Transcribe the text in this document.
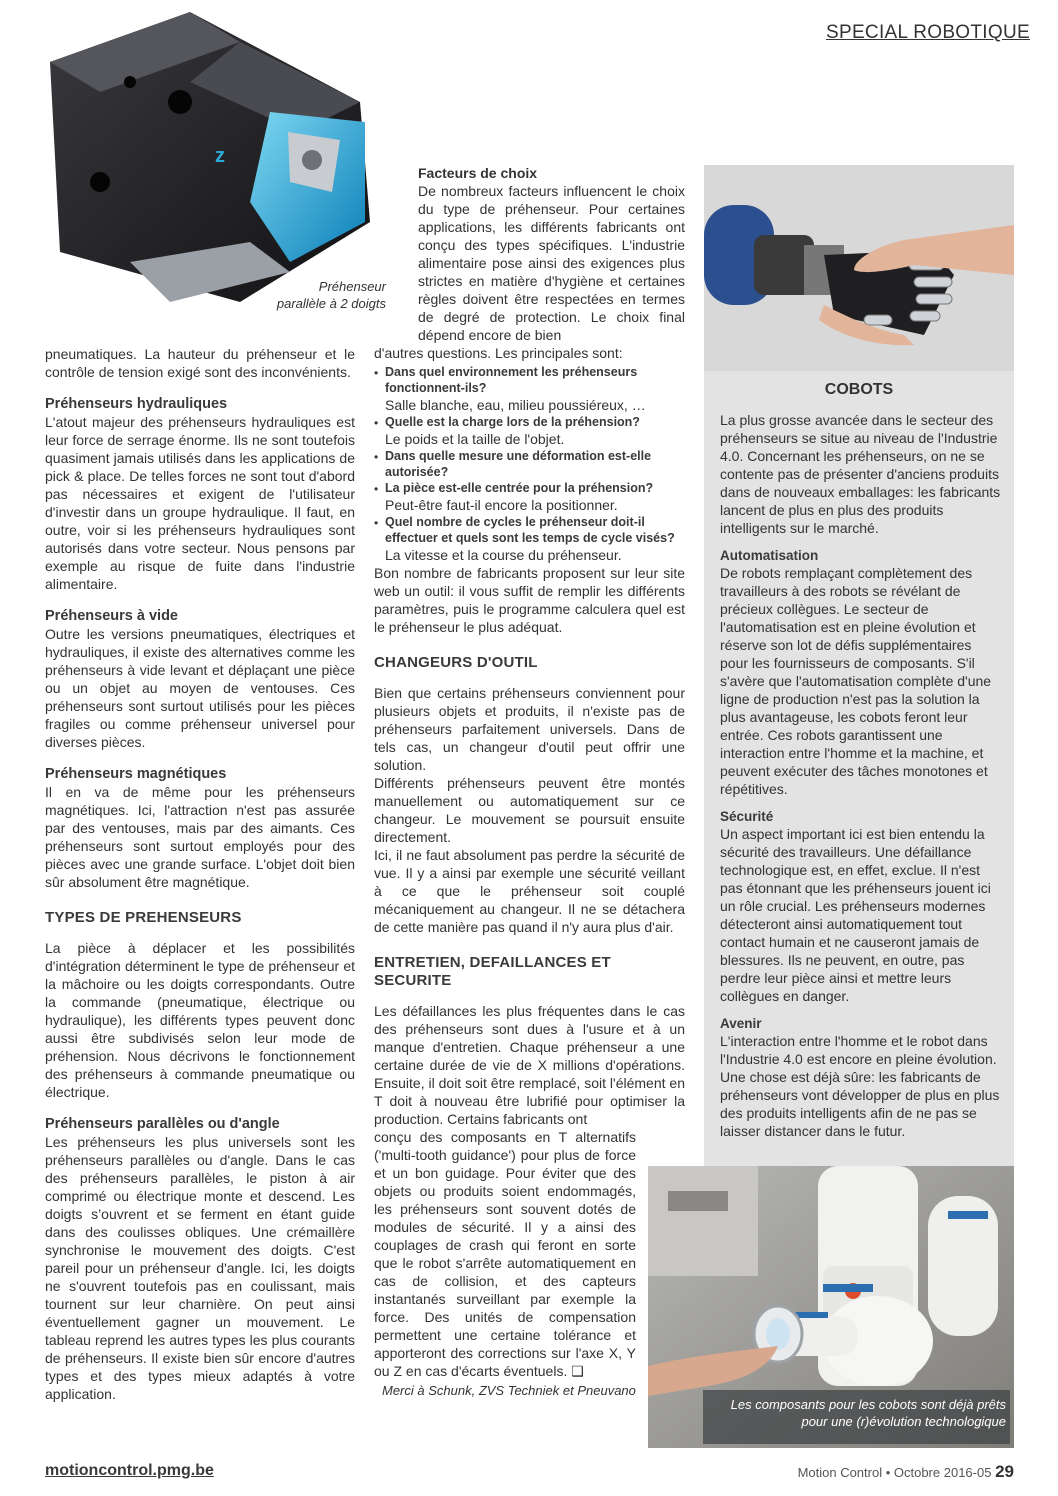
SPECIAL ROBOTIQUE
z
Préhenseur
parallèle à 2 doigts

pneumatiques. La hauteur du préhenseur et le contrôle de tension exigé sont des inconvénients.

Préhenseurs hydrauliques

L'atout majeur des préhenseurs hydrauliques est leur force de serrage énorme. Ils ne sont toutefois quasiment jamais utilisés dans les applications de pick & place. De telles forces ne sont tout d'abord pas nécessaires et exigent de l'utilisateur d'investir dans un groupe hydraulique. Il faut, en outre, voir si les préhenseurs hydrauliques sont autorisés dans votre secteur. Nous pensons par exemple au risque de fuite dans l'industrie alimentaire.

Préhenseurs à vide

Outre les versions pneumatiques, électriques et hydrauliques, il existe des alternatives comme les préhenseurs à vide levant et déplaçant une pièce ou un objet au moyen de ventouses. Ces préhenseurs sont surtout utilisés pour les pièces fragiles ou comme préhenseur universel pour diverses pièces.

Préhenseurs magnétiques

Il en va de même pour les préhenseurs magnétiques. Ici, l'attraction n'est pas assurée par des ventouses, mais par des aimants. Ces préhenseurs sont surtout employés pour des pièces avec une grande surface. L'objet doit bien sûr absolument être magnétique.

TYPES DE PREHENSEURS

La pièce à déplacer et les possibilités d'intégration déterminent le type de préhenseur et la mâchoire ou les doigts correspondants. Outre la commande (pneumatique, électrique ou hydraulique), les différents types peuvent donc aussi être subdivisés selon leur mode de préhension. Nous décrivons le fonctionnement des préhenseurs à commande pneumatique ou électrique.

Préhenseurs parallèles ou d'angle

Les préhenseurs les plus universels sont les préhenseurs parallèles ou d'angle. Dans le cas des préhenseurs parallèles, le piston à air comprimé ou électrique monte et descend. Les doigts s’ouvrent et se ferment en étant guide dans des coulisses obliques. Une crémaillère synchronise le mouvement des doigts. C'est pareil pour un préhenseur d'angle. Ici, les doigts ne s'ouvrent toutefois pas en coulissant, mais tournent sur leur charnière. On peut ainsi éventuellement gagner un mouvement. Le tableau reprend les autres types les plus courants de préhenseurs. Il existe bien sûr encore d'autres types et des types mieux adaptés à votre application.

Facteurs de choix

De nombreux facteurs influencent le choix du type de préhenseur. Pour certaines applications, les différents fabricants ont conçu des types spécifiques. L'industrie alimentaire pose ainsi des exigences plus strictes en matière d'hygiène et certaines règles doivent être respectées en termes de degré de protection. Le choix final dépend encore de bien

d'autres questions. Les principales sont:

• Dans quel environnement les préhenseurs fonctionnent-ils?
Salle blanche, eau, milieu poussiéreux, …
• Quelle est la charge lors de la préhension?
Le poids et la taille de l'objet.
• Dans quelle mesure une déformation est-elle autorisée?
• La pièce est-elle centrée pour la préhension?
Peut-être faut-il encore la positionner.
• Quel nombre de cycles le préhenseur doit-il effectuer et quels sont les temps de cycle visés?
La vitesse et la course du préhenseur.

Bon nombre de fabricants proposent sur leur site web un outil: il vous suffit de remplir les différents paramètres, puis le programme calculera quel est le préhenseur le plus adéquat.

CHANGEURS D'OUTIL

Bien que certains préhenseurs conviennent pour plusieurs objets et produits, il n'existe pas de préhenseurs parfaitement universels. Dans de tels cas, un changeur d'outil peut offrir une solution.

Différents préhenseurs peuvent être montés manuellement ou automatiquement sur ce changeur. Le mouvement se poursuit ensuite directement.

Ici, il ne faut absolument pas perdre la sécurité de vue. Il y a ainsi par exemple une sécurité veillant à ce que le préhenseur soit couplé mécaniquement au changeur. Il ne se détachera de cette manière pas quand il n'y aura plus d'air.

ENTRETIEN, DEFAILLANCES ET SECURITE

Les défaillances les plus fréquentes dans le cas des préhenseurs sont dues à l'usure et à un manque d'entretien. Chaque préhenseur a une certaine durée de vie de X millions d'opérations. Ensuite, il doit soit être remplacé, soit l'élément en T doit à nouveau être lubrifié pour optimiser la production. Certains fabricants ont

conçu des composants en T alternatifs ('multi-tooth guidance') pour plus de force et un bon guidage. Pour éviter que des objets ou produits soient endommagés, les préhenseurs sont souvent dotés de modules de sécurité. Il y a ainsi des couplages de crash qui feront en sorte que le robot s'arrête automatiquement en cas de collision, et des capteurs instantanés surveillant par exemple la force. Des unités de compensation permettent une certaine tolérance et apporteront des corrections sur l'axe X, Y ou Z en cas d'écarts éventuels. ❑

Merci à Schunk, ZVS Techniek et Pneuvano

COBOTS

La plus grosse avancée dans le secteur des préhenseurs se situe au niveau de l'Industrie 4.0. Concernant les préhenseurs, on ne se contente pas de présenter d'anciens produits dans de nouveaux emballages: les fabricants lancent de plus en plus des produits intelligents sur le marché.

Automatisation

De robots remplaçant complètement des travailleurs à des robots se révélant de précieux collègues. Le secteur de l'automatisation est en pleine évolution et réserve son lot de défis supplémentaires pour les fournisseurs de composants. S'il s'avère que l'automatisation complète d'une ligne de production n'est pas la solution la plus avantageuse, les cobots feront leur entrée. Ces robots garantissent une interaction entre l'homme et la machine, et peuvent exécuter des tâches monotones et répétitives.

Sécurité

Un aspect important ici est bien entendu la sécurité des travailleurs. Une défaillance technologique est, en effet, exclue. Il n'est pas étonnant que les préhenseurs jouent ici un rôle crucial. Les préhenseurs modernes détecteront ainsi automatiquement tout contact humain et ne causeront jamais de blessures. Ils ne peuvent, en outre, pas perdre leur pièce ainsi et mettre leurs collègues en danger.

Avenir

L'interaction entre l'homme et le robot dans l'Industrie 4.0 est encore en pleine évolution. Une chose est déjà sûre: les fabricants de préhenseurs vont développer de plus en plus des produits intelligents afin de ne pas se laisser distancer dans le futur.

Les composants pour les cobots sont déjà prêts
pour une (r)évolution technologique
motioncontrol.pmg.be	Motion Control • Octobre 2016-05 29
